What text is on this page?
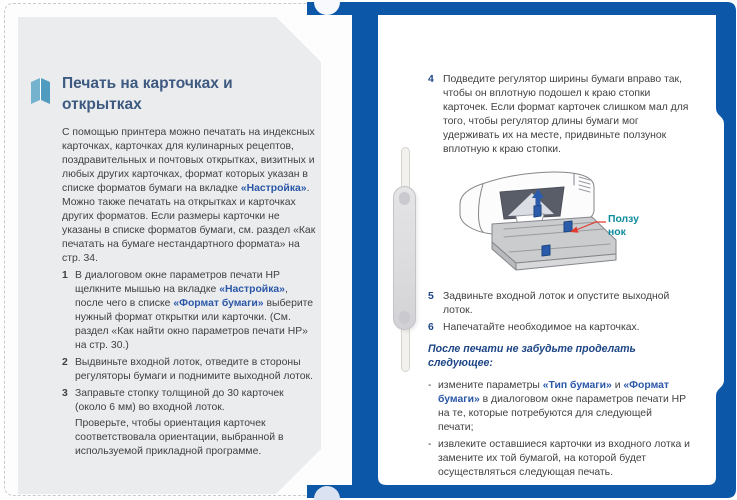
Печать на карточках и открытках

С помощью принтера можно печатать на индексных карточках, карточках для кулинарных рецептов, поздравительных и почтовых открытках, визитных и любых других карточках, формат которых указан в списке форматов бумаги на вкладке «Настройка». Можно также печатать на открытках и карточках других форматов. Если размеры карточки не указаны в списке форматов бумаги, см. раздел «Как печатать на бумаге нестандартного формата» на стр. 34.

1 В диалоговом окне параметров печати HP щелкните мышью на вкладке «Настройка», после чего в списке «Формат бумаги» выберите нужный формат открытки или карточки. (См. раздел «Как найти окно параметров печати HP» на стр. 30.)
2 Выдвиньте входной лоток, отведите в стороны регуляторы бумаги и поднимите выходной лоток.
3 Заправьте стопку толщиной до 30 карточек (около 6 мм) во входной лоток.

Проверьте, чтобы ориентация карточек соответствовала ориентации, выбранной в используемой прикладной программе.

4 Подведите регулятор ширины бумаги вправо так, чтобы он вплотную подошел к краю стопки карточек. Если формат карточек слишком мал для того, чтобы регулятор длины бумаги мог удерживать их на месте, придвиньте ползунок вплотную к краю стопки.
Ползу
нок
5 Задвиньте входной лоток и опустите выходной лоток.
6 Напечатайте необходимое на карточках.

После печати не забудьте проделать следующее:

- измените параметры «Тип бумаги» и «Формат бумаги» в диалоговом окне параметров печати HP на те, которые потребуются для следующей печати;
- извлеките оставшиеся карточки из входного лотка и замените их той бумагой, на которой будет осуществляться следующая печать.
